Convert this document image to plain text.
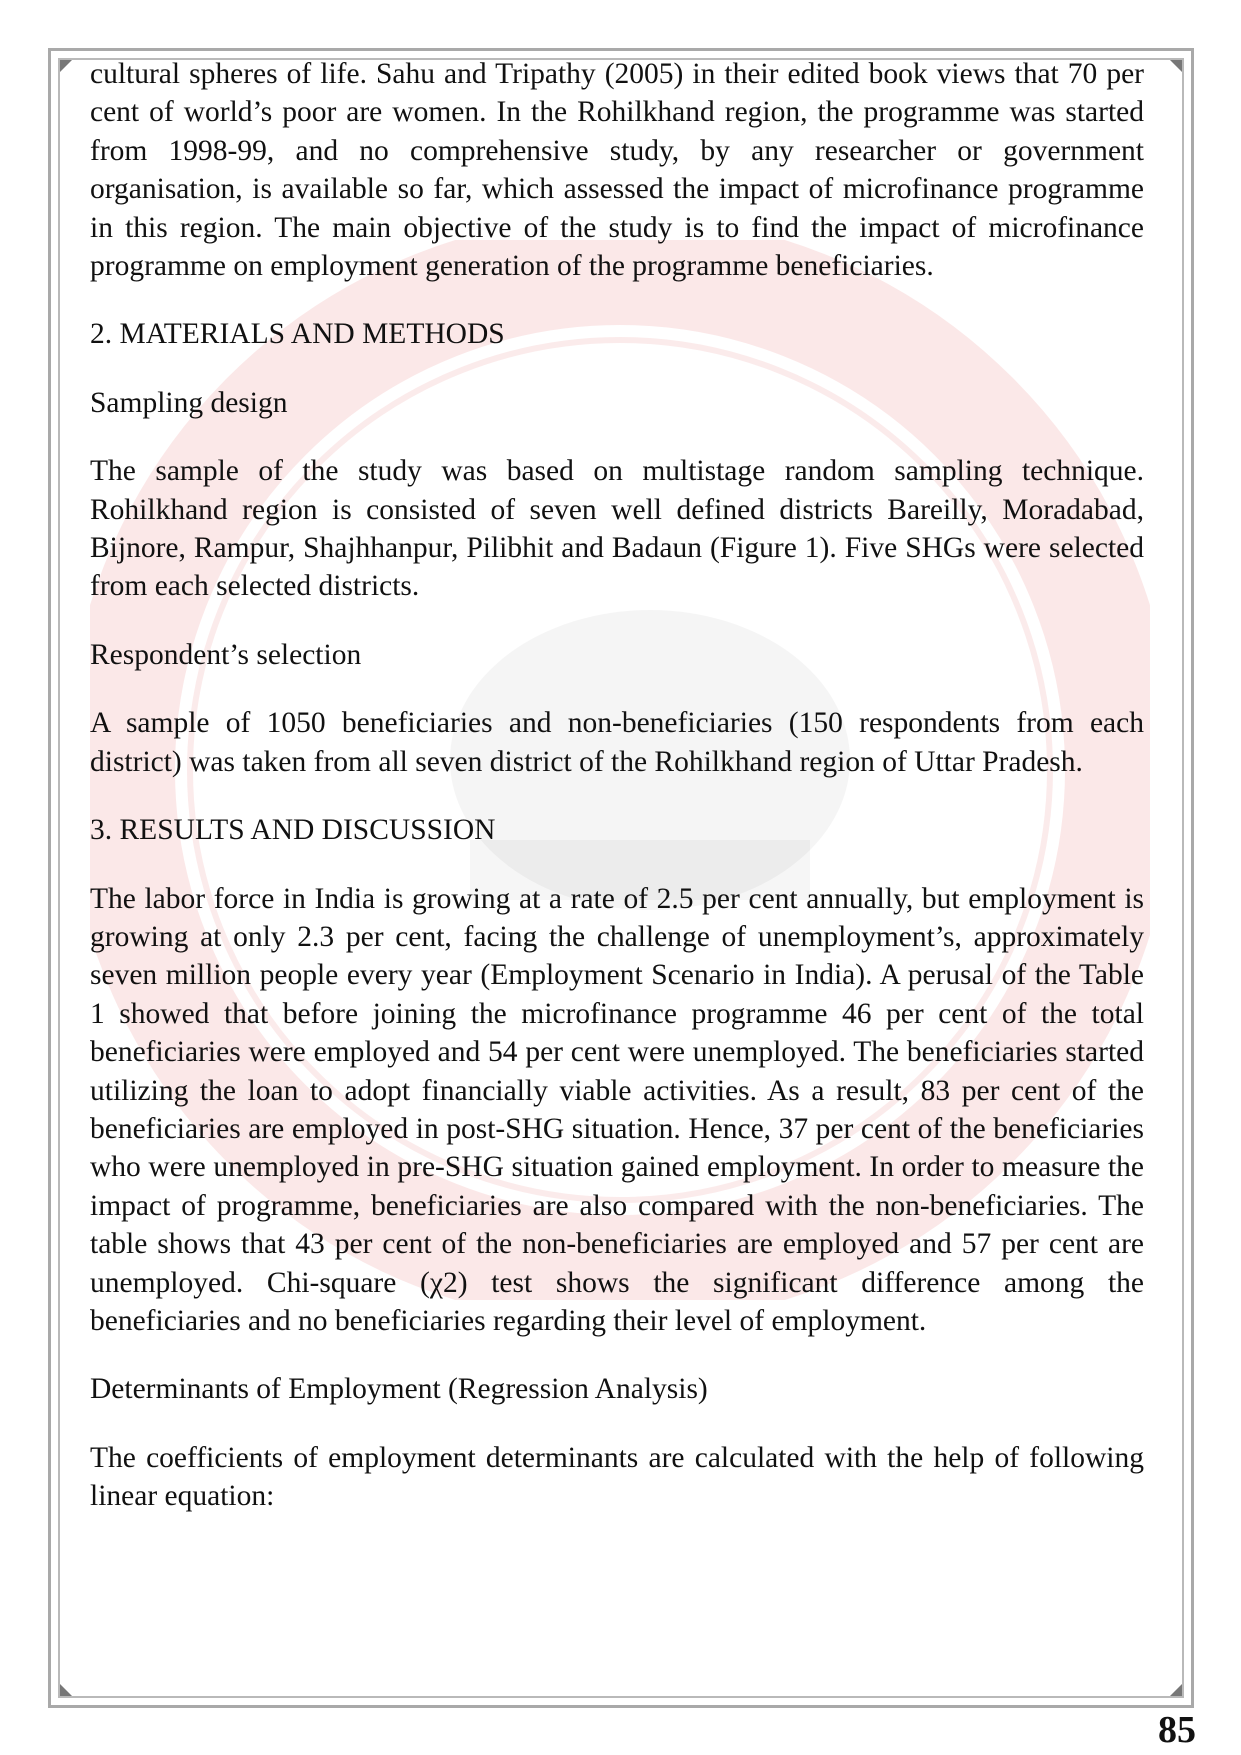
cultural spheres of life. Sahu and Tripathy (2005) in their edited book views that 70 per cent of world’s poor are women. In the Rohilkhand region, the programme was started from 1998-99, and no comprehensive study, by any researcher or government organisation, is available so far, which assessed the impact of microfinance programme in this region. The main objective of the study is to find the impact of microfinance programme on employment generation of the programme beneficiaries.

2. MATERIALS AND METHODS
Sampling design

The sample of the study was based on multistage random sampling technique. Rohilkhand region is consisted of seven well defined districts Bareilly, Moradabad, Bijnore, Rampur, Shajhhanpur, Pilibhit and Badaun (Figure 1). Five SHGs were selected from each selected districts.

Respondent’s selection

A sample of 1050 beneficiaries and non-beneficiaries (150 respondents from each district) was taken from all seven district of the Rohilkhand region of Uttar Pradesh.

3. RESULTS AND DISCUSSION

The labor force in India is growing at a rate of 2.5 per cent annually, but employment is growing at only 2.3 per cent, facing the challenge of unemployment’s, approximately seven million people every year (Employment Scenario in India). A perusal of the Table 1 showed that before joining the microfinance programme 46 per cent of the total beneficiaries were employed and 54 per cent were unemployed. The beneficiaries started utilizing the loan to adopt financially viable activities. As a result, 83 per cent of the beneficiaries are employed in post-SHG situation. Hence, 37 per cent of the beneficiaries who were unemployed in pre-SHG situation gained employment. In order to measure the impact of programme, beneficiaries are also compared with the non-beneficiaries. The table shows that 43 per cent of the non-beneficiaries are employed and 57 per cent are unemployed. Chi-square (χ2) test shows the significant difference among the beneficiaries and no beneficiaries regarding their level of employment.

Determinants of Employment (Regression Analysis)

The coefficients of employment determinants are calculated with the help of following linear equation:

85
